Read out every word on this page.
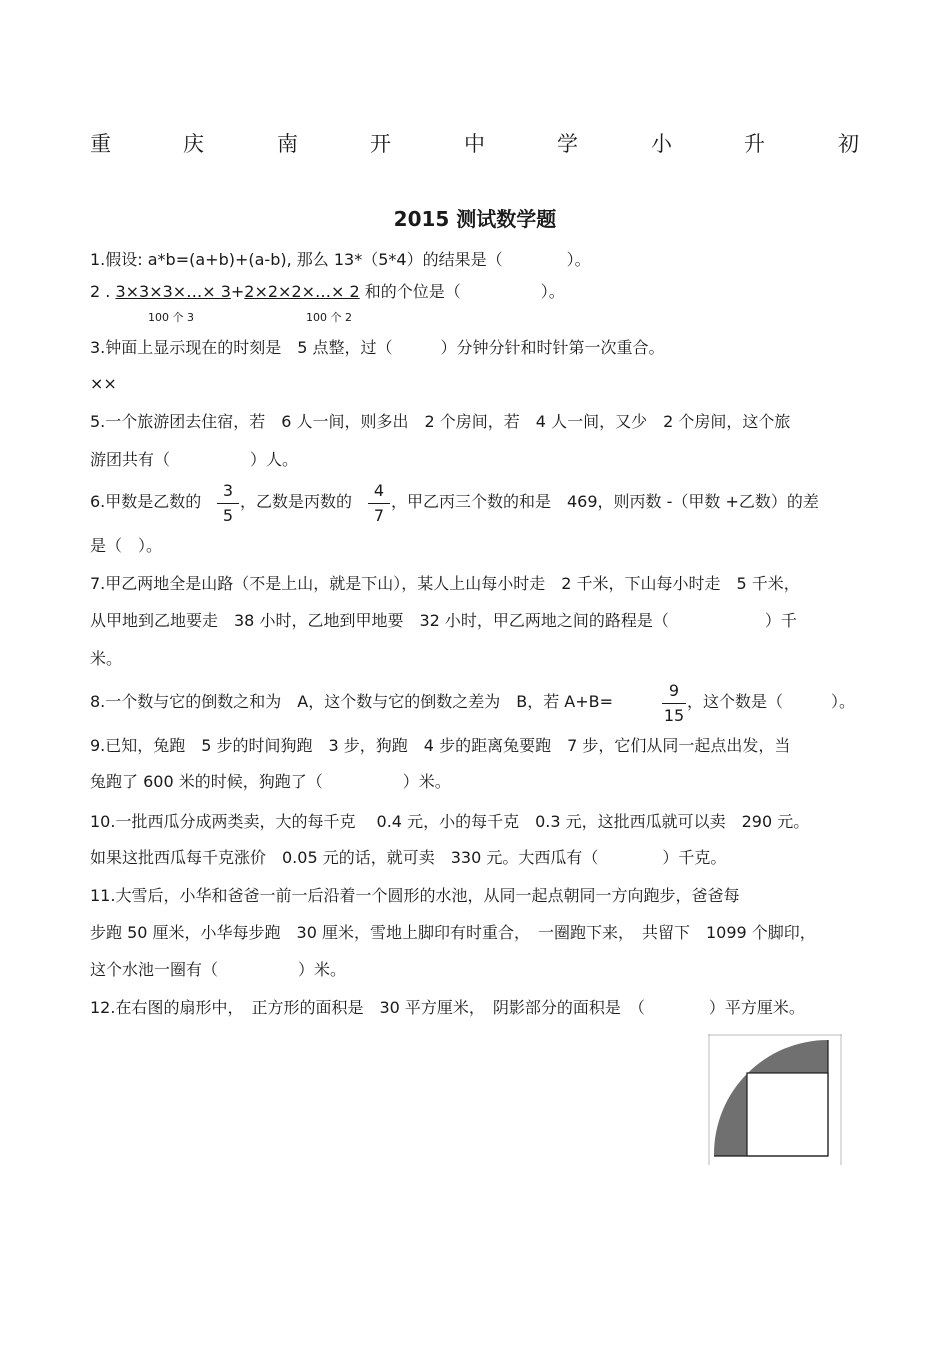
重	庆	南	开	中	学	小	升	初
2015 测试数学题
1.假设: a*b=(a+b)+(a-b), 那么 13*（5*4）的结果是（　　　　）。
2 . 3×3×3×…× 3+2×2×2×…× 2 和的个位是（　　　　　）。
100 个 3	100 个 2
3.钟面上显示现在的时刻是　5 点整，过（　　　）分钟分针和时针第一次重合。
××
5.一个旅游团去住宿，若　6 人一间，则多出　2 个房间，若　4 人一间，又少　2 个房间，这个旅
游团共有（　　　　　）人。
6.甲数是乙数的
3
5
，乙数是丙数的
4
7
，甲乙丙三个数的和是　469，则丙数 -（甲数 +乙数）的差
是（　）。
7.甲乙两地全是山路（不是上山，就是下山），某人上山每小时走　2 千米，下山每小时走　5 千米，
从甲地到乙地要走　38 小时，乙地到甲地要　32 小时，甲乙两地之间的路程是（　　　　　　）千
米。
8.一个数与它的倒数之和为　A，这个数与它的倒数之差为　B，若 A+B=
9
15
，这个数是（　　　）。
9.已知，兔跑　5 步的时间狗跑　3 步，狗跑　4 步的距离兔要跑　7 步，它们从同一起点出发，当
兔跑了 600 米的时候，狗跑了（　　　　　）米。
10.一批西瓜分成两类卖，大的每千克　 0.4 元，小的每千克　0.3 元，这批西瓜就可以卖　290 元。
如果这批西瓜每千克涨价　0.05 元的话，就可卖　330 元。大西瓜有（　　　　）千克。
11.大雪后，小华和爸爸一前一后沿着一个圆形的水池，从同一起点朝同一方向跑步，爸爸每
步跑 50 厘米，小华每步跑　30 厘米，雪地上脚印有时重合，　一圈跑下来，　共留下　1099 个脚印，
这个水池一圈有（　　　　　）米。
12.在右图的扇形中，　正方形的面积是　30 平方厘米，　阴影部分的面积是　（　　　　）平方厘米。
